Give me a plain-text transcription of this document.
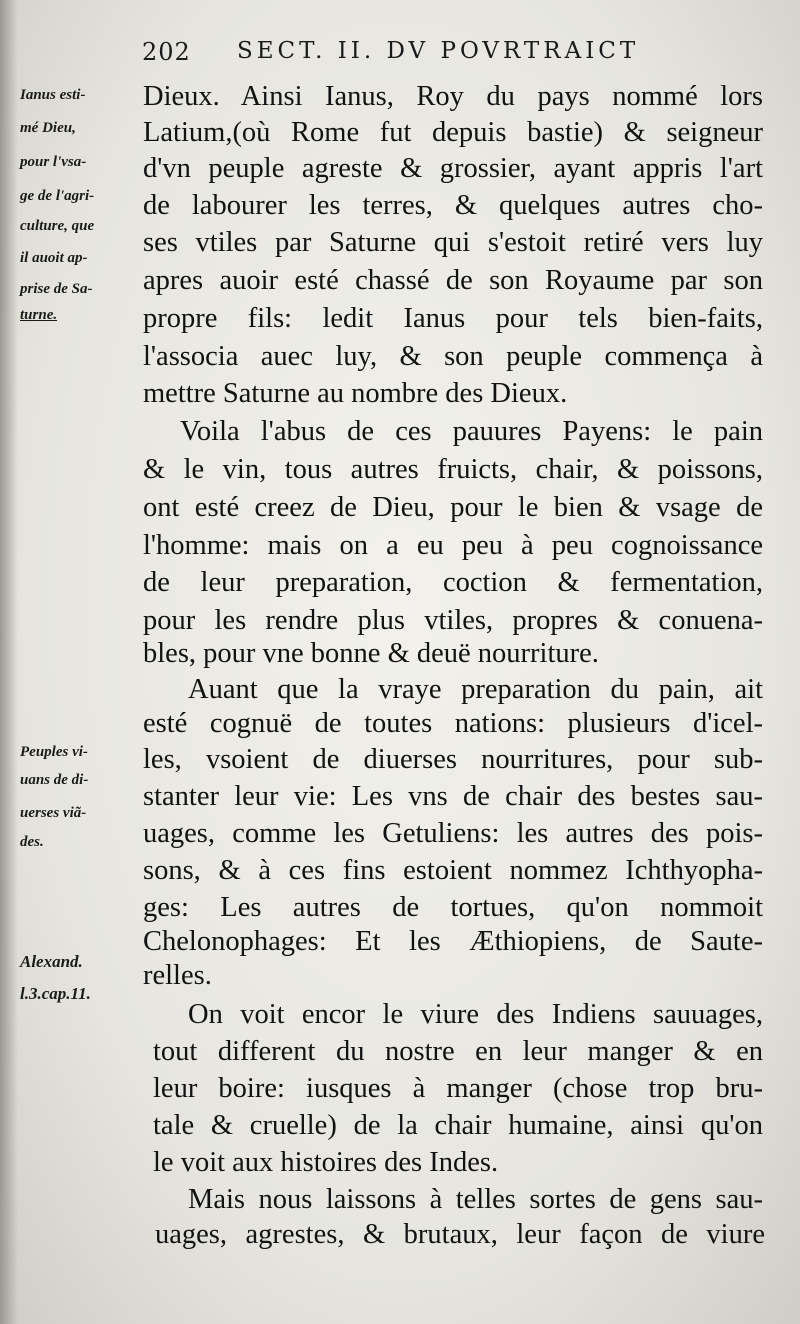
202 SECT. II. DV POVRTRAICT
Ianus esti-
mé Dieu,
pour l'vsa-
ge de l'agri-
culture, que
il auoit ap-
prise de Sa-
turne.
Peuples vi-
uans de di-
uerses viã-
des.
Alexand.
l.3.cap.11.
Dieux. Ainsi Ianus, Roy du pays nommé lors
Latium,(où Rome fut depuis bastie) & seigneur
d'vn peuple agreste & grossier, ayant appris l'art
de labourer les terres, & quelques autres cho-
ses vtiles par Saturne qui s'estoit retiré vers luy
apres auoir esté chassé de son Royaume par son
propre fils: ledit Ianus pour tels bien-faits,
l'associa auec luy, & son peuple commença à
mettre Saturne au nombre des Dieux.
Voila l'abus de ces pauures Payens: le pain
& le vin, tous autres fruicts, chair, & poissons,
ont esté creez de Dieu, pour le bien & vsage de
l'homme: mais on a eu peu à peu cognoissance
de leur preparation, coction & fermentation,
pour les rendre plus vtiles, propres & conuena-
bles, pour vne bonne & deuë nourriture.
Auant que la vraye preparation du pain, ait
esté cognuë de toutes nations: plusieurs d'icel-
les, vsoient de diuerses nourritures, pour sub-
stanter leur vie: Les vns de chair des bestes sau-
uages, comme les Getuliens: les autres des pois-
sons, & à ces fins estoient nommez Ichthyopha-
ges: Les autres de tortues, qu'on nommoit
Chelonophages: Et les Æthiopiens, de Saute-
relles.
On voit encor le viure des Indiens sauuages,
tout different du nostre en leur manger & en
leur boire: iusques à manger (chose trop bru-
tale & cruelle) de la chair humaine, ainsi qu'on
le voit aux histoires des Indes.
Mais nous laissons à telles sortes de gens sau-
uages, agrestes, & brutaux, leur façon de viure
